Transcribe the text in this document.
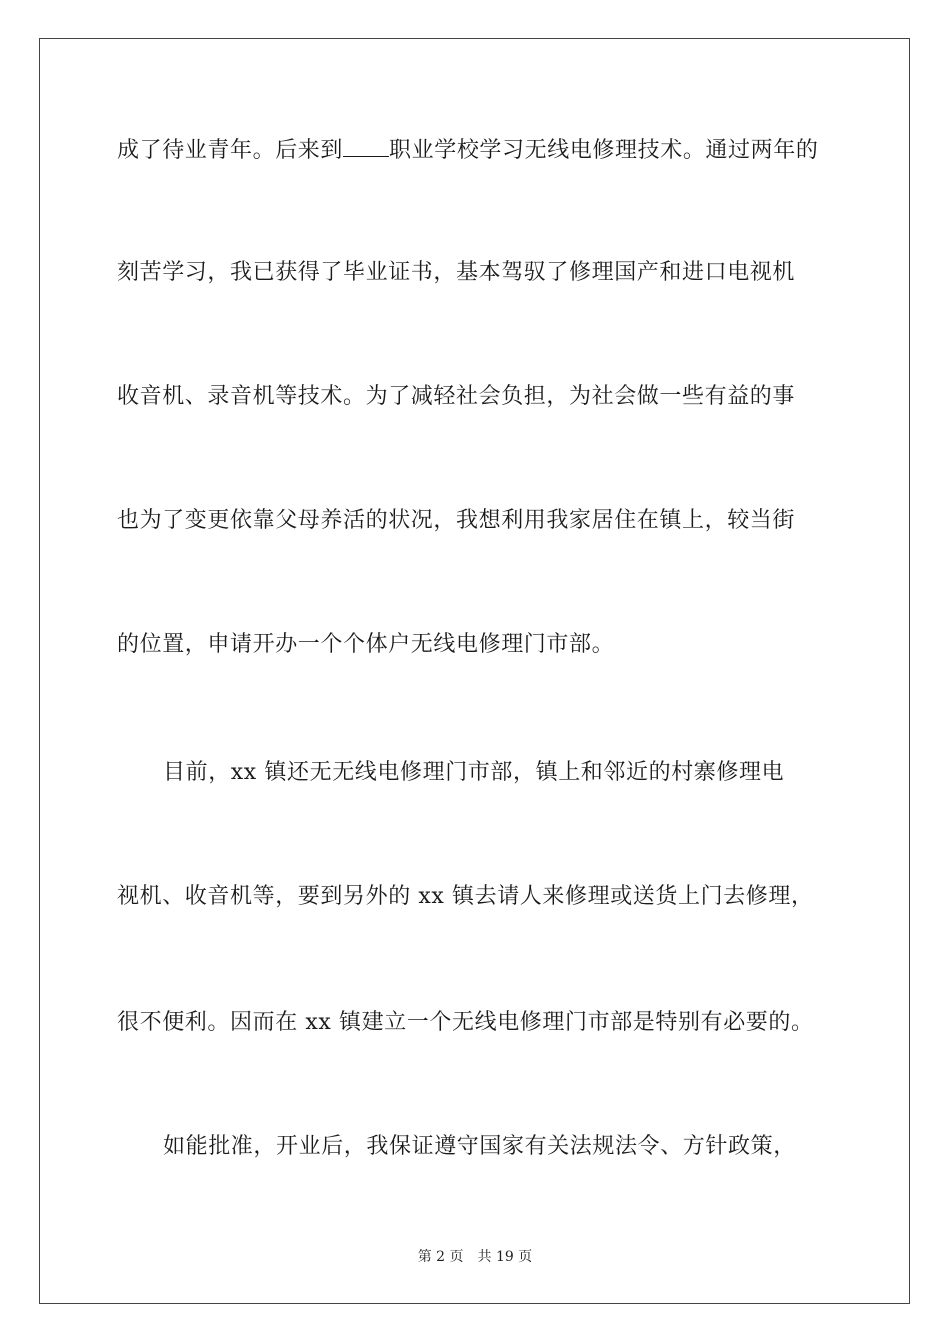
成了待业青年。后来到 职业学校学习无线电修理技术。通过两年的
刻苦学习，我已获得了毕业证书，基本驾驭了修理国产和进口电视机
收音机、录音机等技术。为了减轻社会负担，为社会做一些有益的事
也为了变更依靠父母养活的状况，我想利用我家居住在镇上，较当街
的位置，申请开办一个个体户无线电修理门市部。
目前，xx 镇还无无线电修理门市部，镇上和邻近的村寨修理电
视机、收音机等，要到另外的 xx 镇去请人来修理或送货上门去修理，
很不便利。因而在 xx 镇建立一个无线电修理门市部是特别有必要的。
如能批准，开业后，我保证遵守国家有关法规法令、方针政策，
第 2 页 共 19 页
